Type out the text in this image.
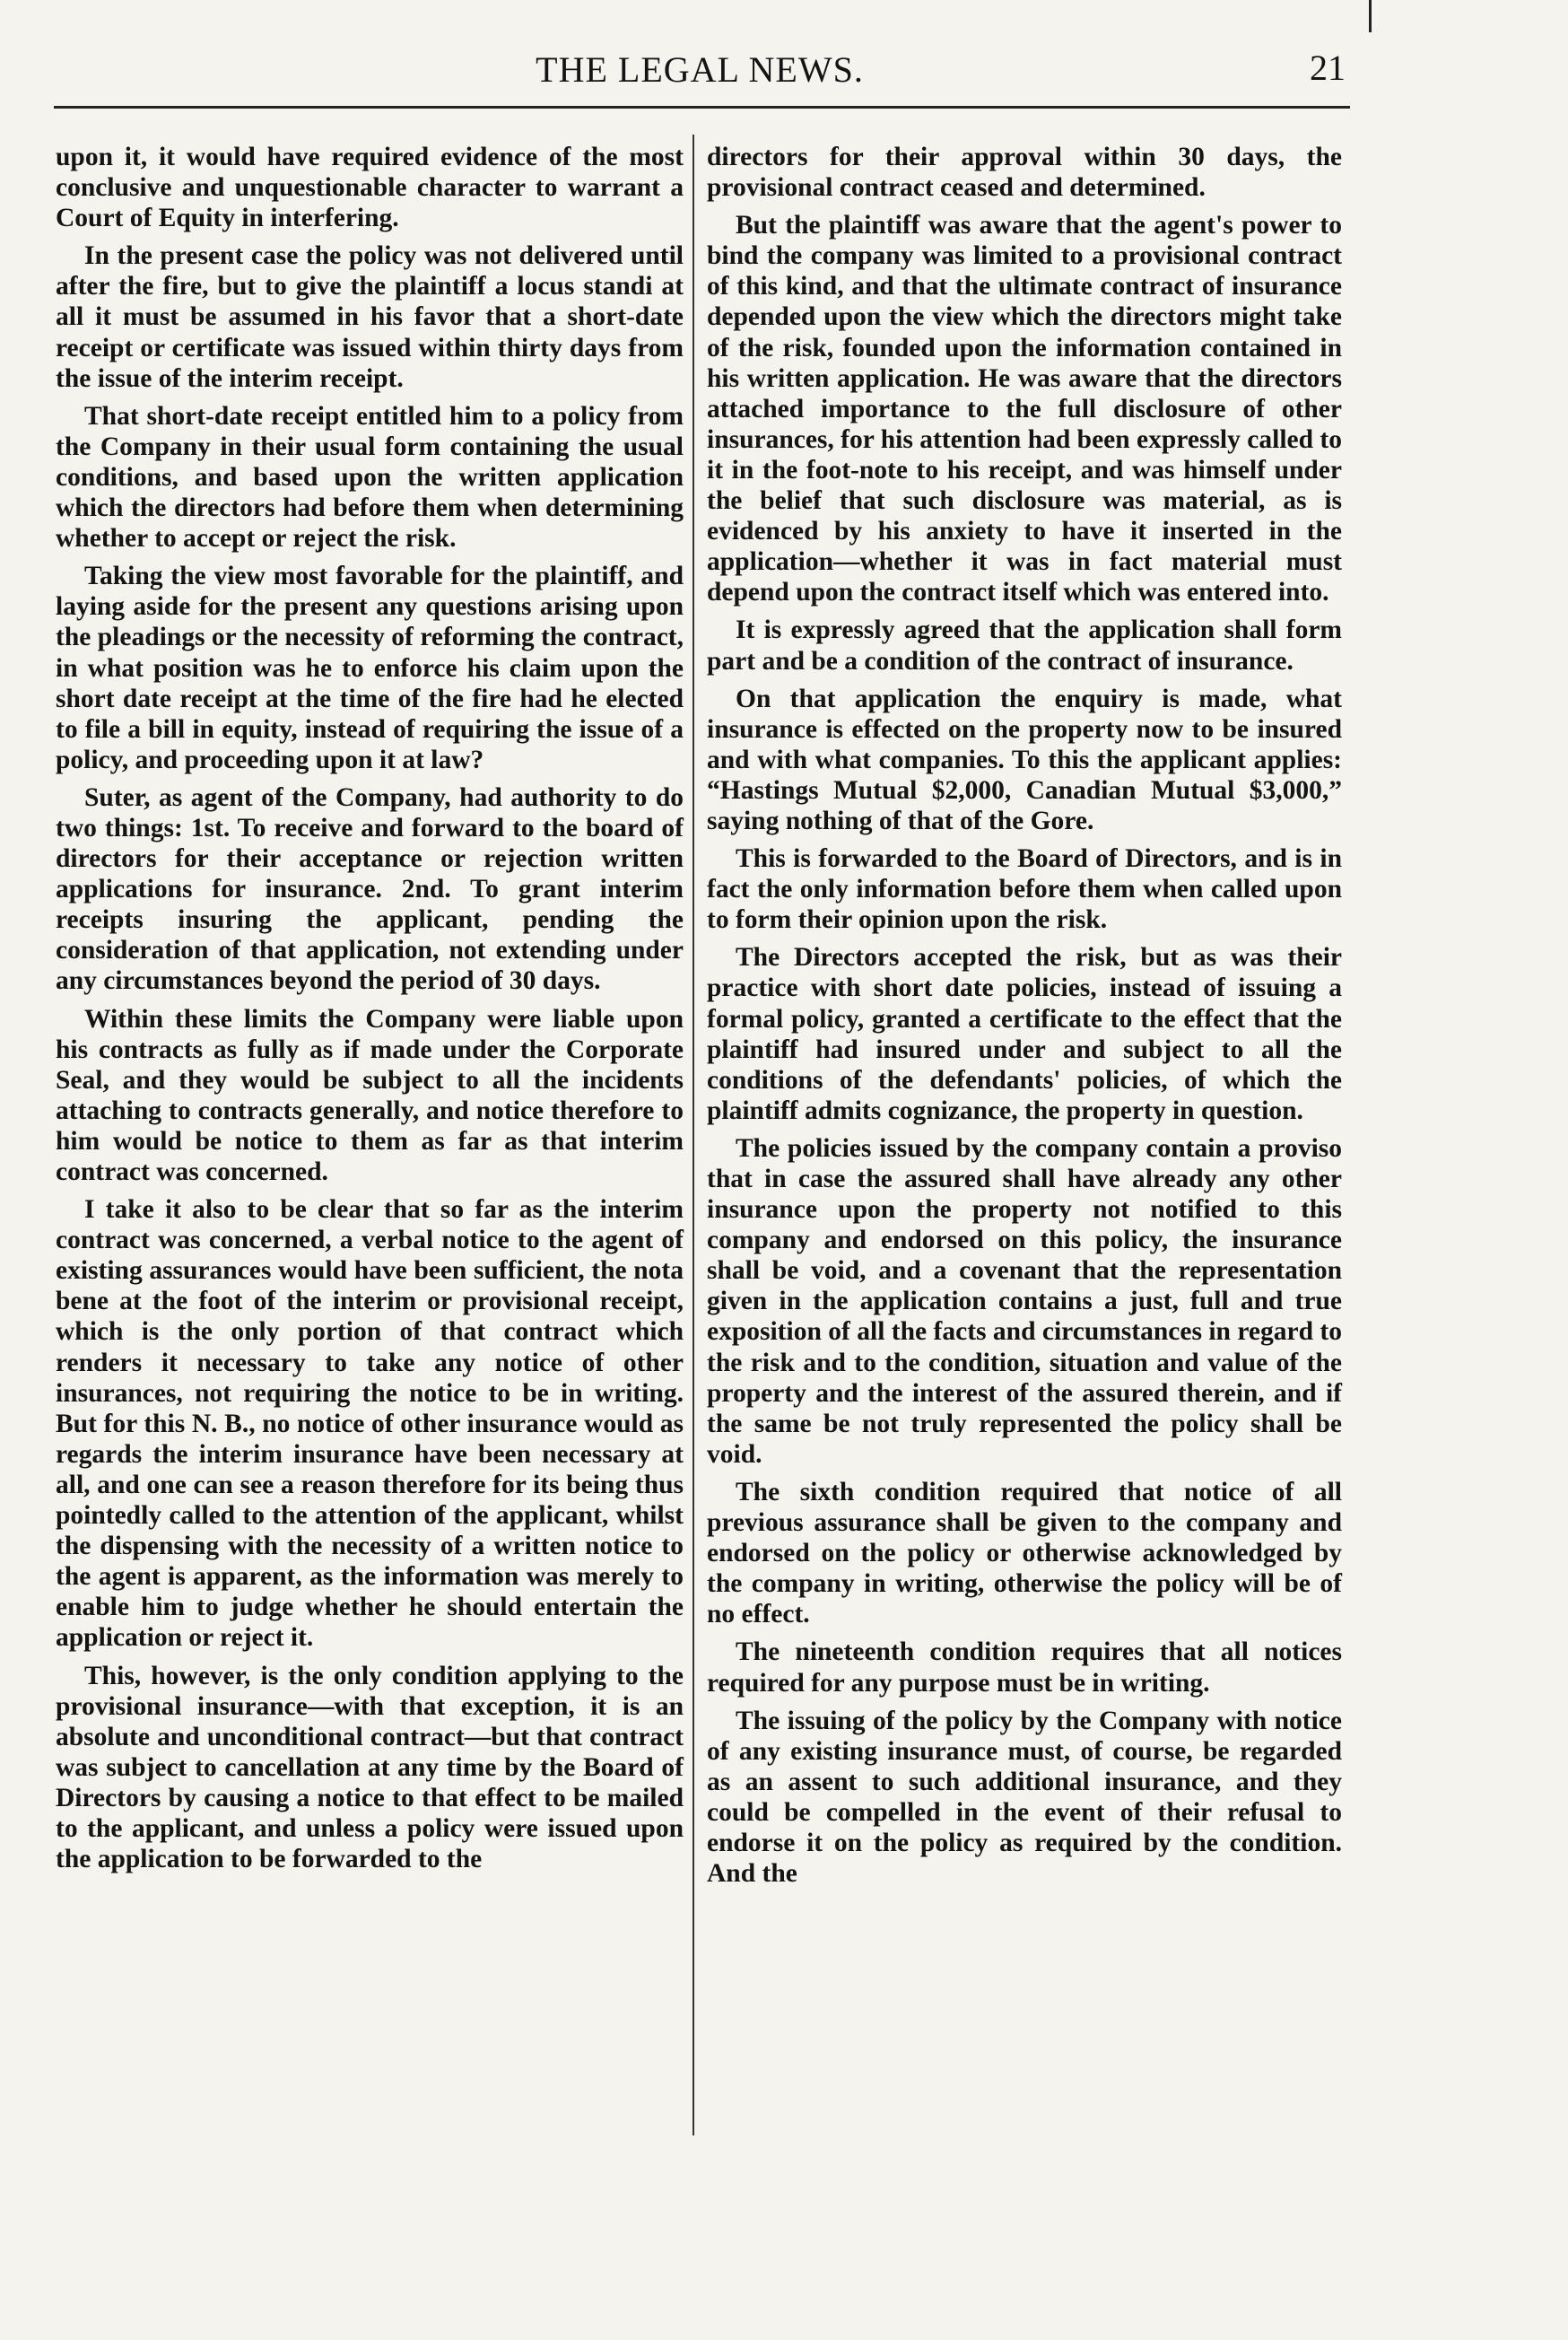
THE LEGAL NEWS.	21

upon it, it would have required evidence of the most conclusive and unquestionable character to warrant a Court of Equity in interfering.

In the present case the policy was not delivered until after the fire, but to give the plaintiff a locus standi at all it must be assumed in his favor that a short-date receipt or certificate was issued within thirty days from the issue of the interim receipt.

That short-date receipt entitled him to a policy from the Company in their usual form containing the usual conditions, and based upon the written application which the directors had before them when determining whether to accept or reject the risk.

Taking the view most favorable for the plaintiff, and laying aside for the present any questions arising upon the pleadings or the necessity of reforming the contract, in what position was he to enforce his claim upon the short date receipt at the time of the fire had he elected to file a bill in equity, instead of requiring the issue of a policy, and proceeding upon it at law?

Suter, as agent of the Company, had authority to do two things: 1st. To receive and forward to the board of directors for their acceptance or rejection written applications for insurance. 2nd. To grant interim receipts insuring the applicant, pending the consideration of that application, not extending under any circumstances beyond the period of 30 days.

Within these limits the Company were liable upon his contracts as fully as if made under the Corporate Seal, and they would be subject to all the incidents attaching to contracts generally, and notice therefore to him would be notice to them as far as that interim contract was concerned.

I take it also to be clear that so far as the interim contract was concerned, a verbal notice to the agent of existing assurances would have been sufficient, the nota bene at the foot of the interim or provisional receipt, which is the only portion of that contract which renders it necessary to take any notice of other insurances, not requiring the notice to be in writing. But for this N. B., no notice of other insurance would as regards the interim insurance have been necessary at all, and one can see a reason therefore for its being thus pointedly called to the attention of the applicant, whilst the dispensing with the necessity of a written notice to the agent is apparent, as the information was merely to enable him to judge whether he should entertain the application or reject it.

This, however, is the only condition applying to the provisional insurance—with that exception, it is an absolute and unconditional contract—but that contract was subject to cancellation at any time by the Board of Directors by causing a notice to that effect to be mailed to the applicant, and unless a policy were issued upon the application to be forwarded to the

directors for their approval within 30 days, the provisional contract ceased and determined.

But the plaintiff was aware that the agent's power to bind the company was limited to a provisional contract of this kind, and that the ultimate contract of insurance depended upon the view which the directors might take of the risk, founded upon the information contained in his written application. He was aware that the directors attached importance to the full disclosure of other insurances, for his attention had been expressly called to it in the foot-note to his receipt, and was himself under the belief that such disclosure was material, as is evidenced by his anxiety to have it inserted in the application—whether it was in fact material must depend upon the contract itself which was entered into.

It is expressly agreed that the application shall form part and be a condition of the contract of insurance.

On that application the enquiry is made, what insurance is effected on the property now to be insured and with what companies. To this the applicant applies: “Hastings Mutual $2,000, Canadian Mutual $3,000,” saying nothing of that of the Gore.

This is forwarded to the Board of Directors, and is in fact the only information before them when called upon to form their opinion upon the risk.

The Directors accepted the risk, but as was their practice with short date policies, instead of issuing a formal policy, granted a certificate to the effect that the plaintiff had insured under and subject to all the conditions of the defendants' policies, of which the plaintiff admits cognizance, the property in question.

The policies issued by the company contain a proviso that in case the assured shall have already any other insurance upon the property not notified to this company and endorsed on this policy, the insurance shall be void, and a covenant that the representation given in the application contains a just, full and true exposition of all the facts and circumstances in regard to the risk and to the condition, situation and value of the property and the interest of the assured therein, and if the same be not truly represented the policy shall be void.

The sixth condition required that notice of all previous assurance shall be given to the company and endorsed on the policy or otherwise acknowledged by the company in writing, otherwise the policy will be of no effect.

The nineteenth condition requires that all notices required for any purpose must be in writing.

The issuing of the policy by the Company with notice of any existing insurance must, of course, be regarded as an assent to such additional insurance, and they could be compelled in the event of their refusal to endorse it on the policy as required by the condition. And the
